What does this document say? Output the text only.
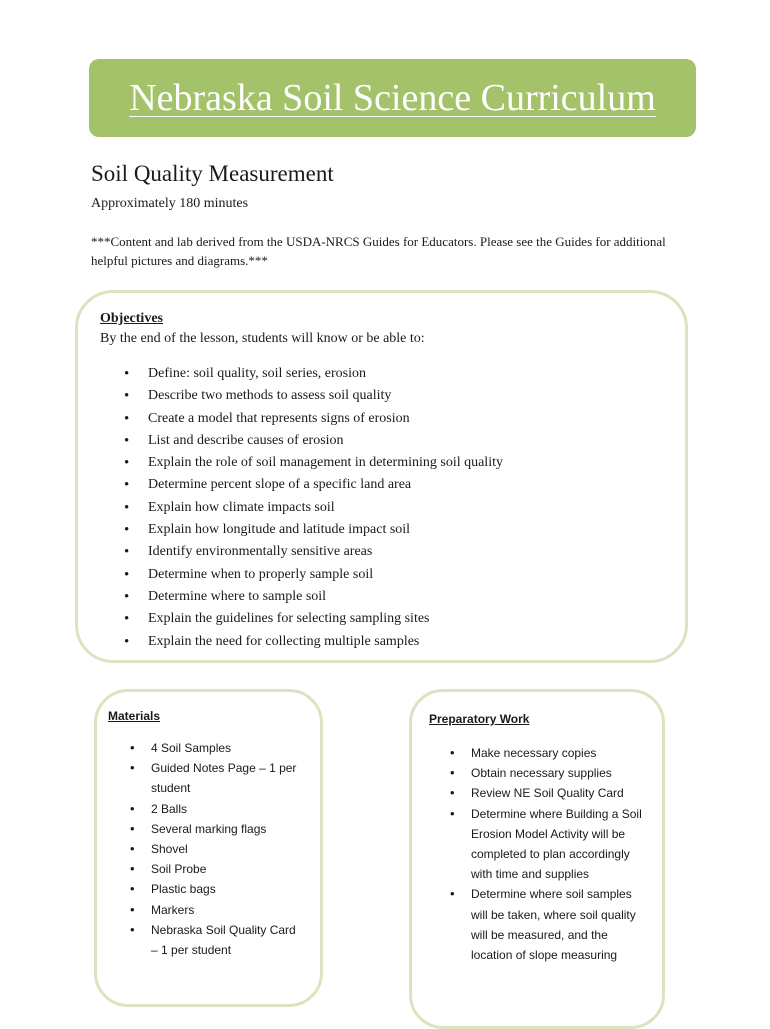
Nebraska Soil Science Curriculum
Soil Quality Measurement
Approximately 180 minutes
***Content and lab derived from the USDA-NRCS Guides for Educators. Please see the Guides for additional helpful pictures and diagrams.***
Objectives
By the end of the lesson, students will know or be able to:
• Define: soil quality, soil series, erosion
• Describe two methods to assess soil quality
• Create a model that represents signs of erosion
• List and describe causes of erosion
• Explain the role of soil management in determining soil quality
• Determine percent slope of a specific land area
• Explain how climate impacts soil
• Explain how longitude and latitude impact soil
• Identify environmentally sensitive areas
• Determine when to properly sample soil
• Determine where to sample soil
• Explain the guidelines for selecting sampling sites
• Explain the need for collecting multiple samples
Materials
• 4 Soil Samples
• Guided Notes Page – 1 per student
• 2 Balls
• Several marking flags
• Shovel
• Soil Probe
• Plastic bags
• Markers
• Nebraska Soil Quality Card – 1 per student
Preparatory Work
• Make necessary copies
• Obtain necessary supplies
• Review NE Soil Quality Card
• Determine where Building a Soil Erosion Model Activity will be completed to plan accordingly with time and supplies
• Determine where soil samples will be taken, where soil quality will be measured, and the location of slope measuring
